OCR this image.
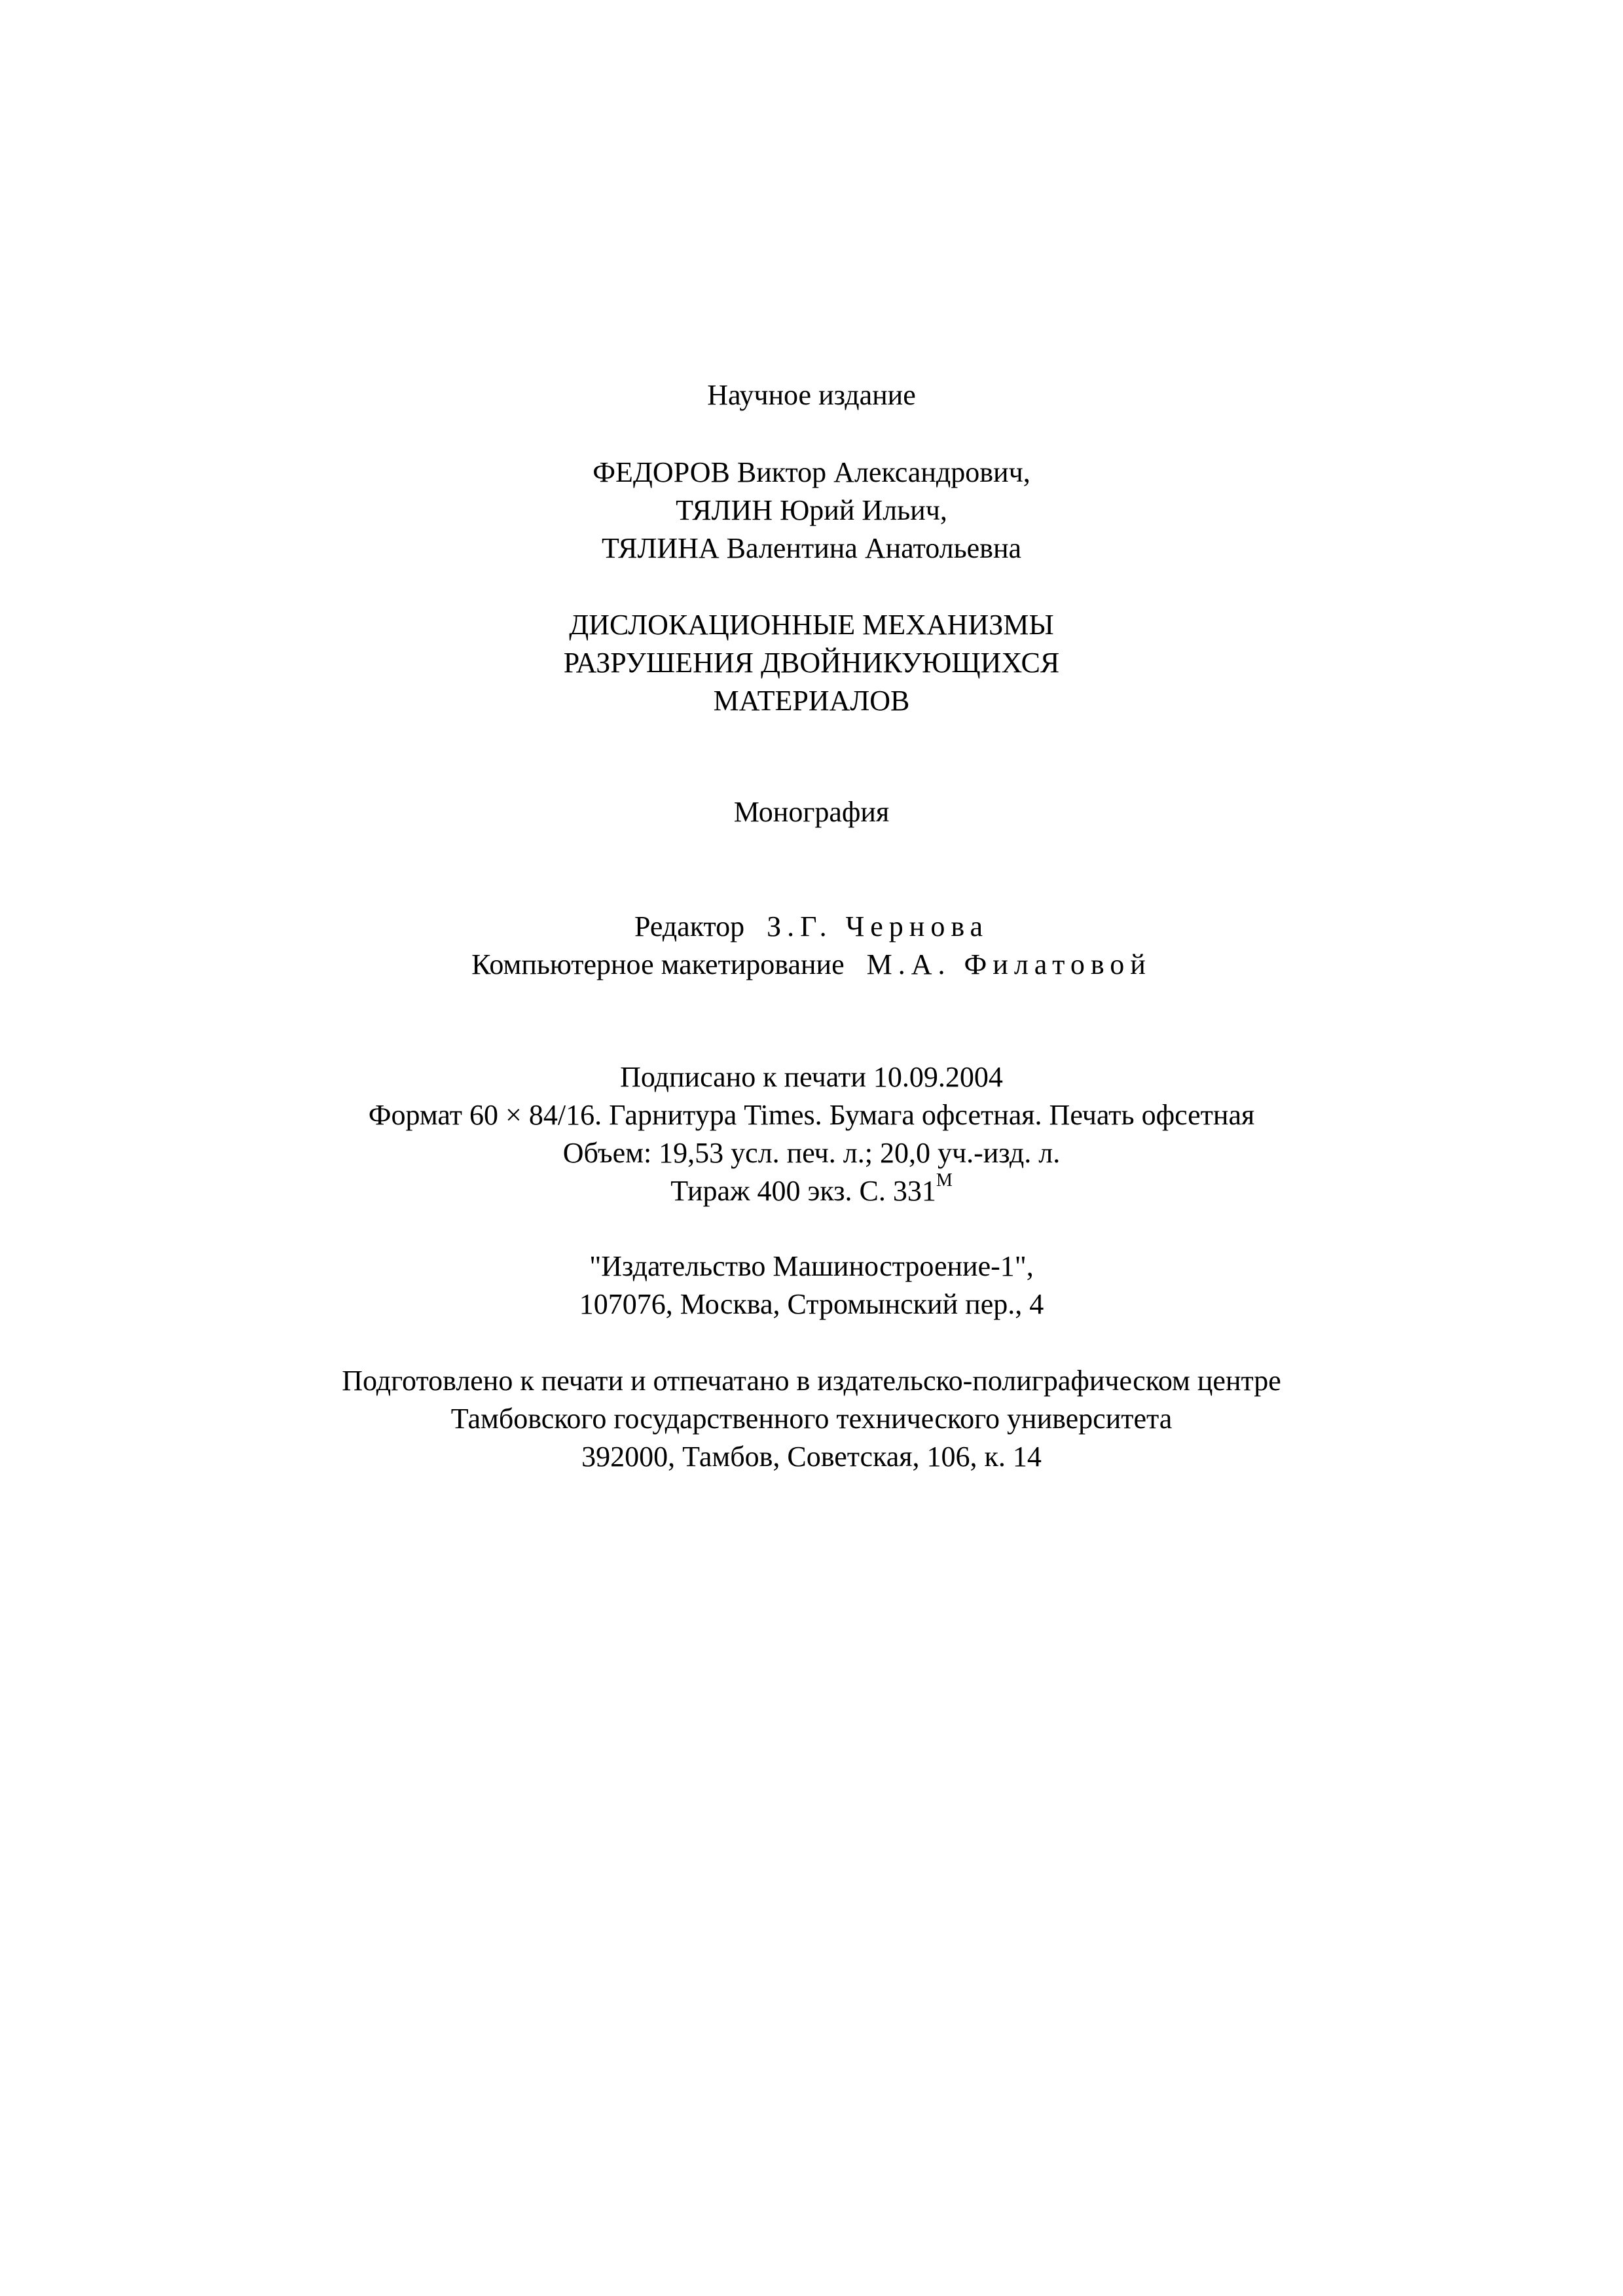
Научное издание
ФЕДОРОВ Виктор Александрович,
ТЯЛИН Юрий Ильич,
ТЯЛИНА Валентина Анатольевна
ДИСЛОКАЦИОННЫЕ МЕХАНИЗМЫ
РАЗРУШЕНИЯ ДВОЙНИКУЮЩИХСЯ
МАТЕРИАЛОВ
Монография
Редактор З.Г. Чернова
Компьютерное макетирование М.А. Филатовой
Подписано к печати 10.09.2004
Формат 60 × 84/16. Гарнитура Times. Бумага офсетная. Печать офсетная
Объем: 19,53 усл. печ. л.; 20,0 уч.-изд. л.
Тираж 400 экз. С. $331^М$
"Издательство Машиностроение-1",
107076, Москва, Стромынский пер., 4
Подготовлено к печати и отпечатано в издательско-полиграфическом центре
Тамбовского государственного технического университета
392000, Тамбов, Советская, 106, к. 14
